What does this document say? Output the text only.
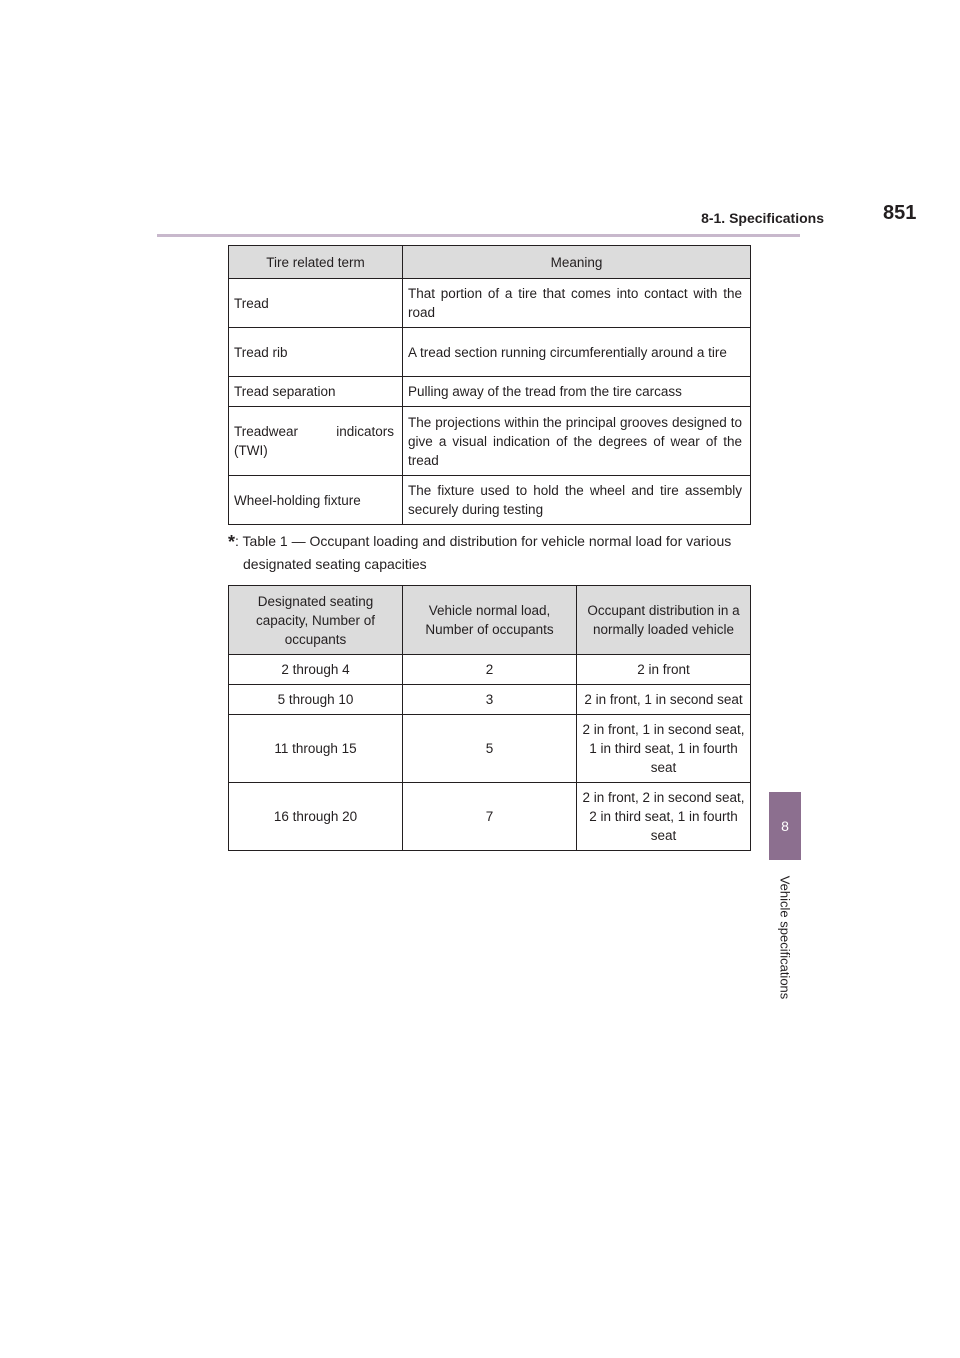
8-1. Specifications	851
8
Vehicle specifications
Tire related term	Meaning
Tread	That portion of a tire that comes into contact with the road
Tread rib	A tread section running circumferentially around a tire
Tread separation	Pulling away of the tread from the tire carcass
Treadwear indicators (TWI)	The projections within the principal grooves designed to give a visual indication of the degrees of wear of the tread
Wheel-holding fixture	The fixture used to hold the wheel and tire assembly securely during testing
*: Table 1 — Occupant loading and distribution for vehicle normal load for various
designated seating capacities
Designated seating capacity, Number of occupants	Vehicle normal load, Number of occupants	Occupant distribution in a normally loaded vehicle
2 through 4	2	2 in front
5 through 10	3	2 in front, 1 in second seat
11 through 15	5	2 in front, 1 in second seat, 1 in third seat, 1 in fourth seat
16 through 20	7	2 in front, 2 in second seat, 2 in third seat, 1 in fourth seat
